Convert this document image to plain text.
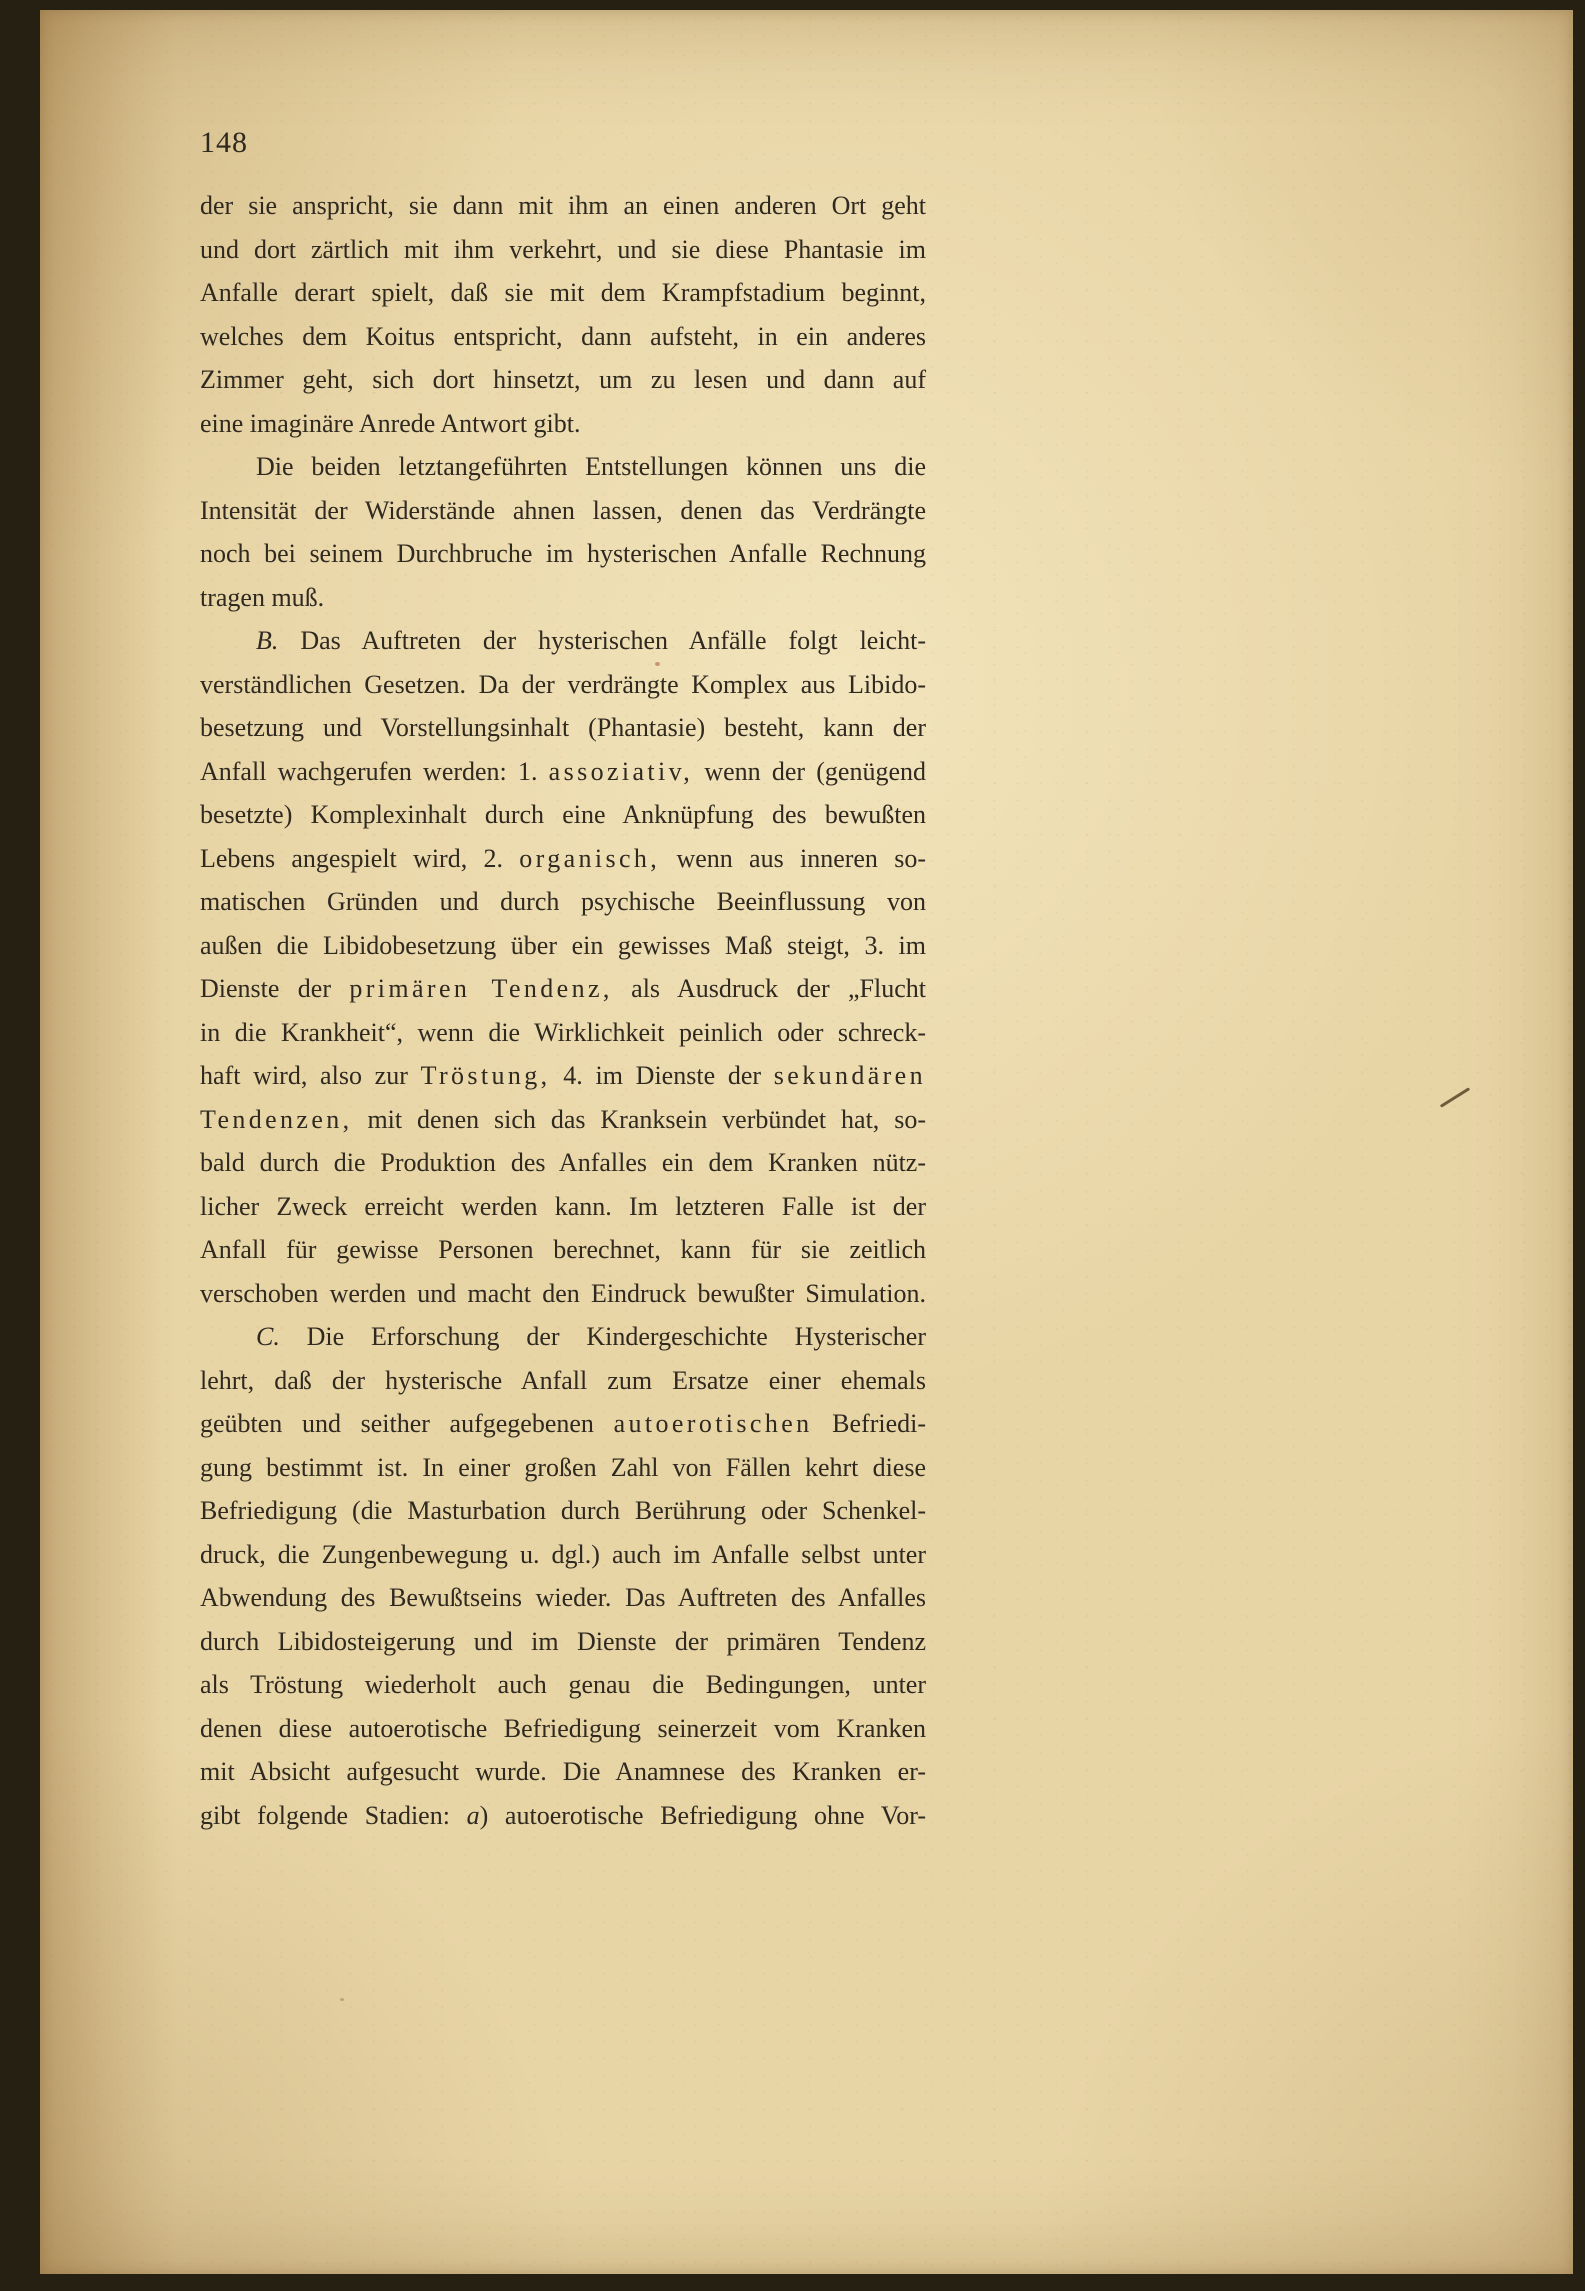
148
der sie anspricht, sie dann mit ihm an einen anderen Ort geht
und dort zärtlich mit ihm verkehrt, und sie diese Phantasie im
Anfalle derart spielt, daß sie mit dem Krampfstadium beginnt,
welches dem Koitus entspricht, dann aufsteht, in ein anderes
Zimmer geht, sich dort hinsetzt, um zu lesen und dann auf
eine imaginäre Anrede Antwort gibt.
Die beiden letztangeführten Entstellungen können uns die
Intensität der Widerstände ahnen lassen, denen das Verdrängte
noch bei seinem Durchbruche im hysterischen Anfalle Rechnung
tragen muß.
B. Das Auftreten der hysterischen Anfälle folgt leicht-
verständlichen Gesetzen. Da der verdrängte Komplex aus Libido-
besetzung und Vorstellungsinhalt (Phantasie) besteht, kann der
Anfall wachgerufen werden: 1. assoziativ, wenn der (genügend
besetzte) Komplexinhalt durch eine Anknüpfung des bewußten
Lebens angespielt wird, 2. organisch, wenn aus inneren so-
matischen Gründen und durch psychische Beeinflussung von
außen die Libidobesetzung über ein gewisses Maß steigt, 3. im
Dienste der primären Tendenz, als Ausdruck der „Flucht
in die Krankheit“, wenn die Wirklichkeit peinlich oder schreck-
haft wird, also zur Tröstung, 4. im Dienste der sekundären
Tendenzen, mit denen sich das Kranksein verbündet hat, so-
bald durch die Produktion des Anfalles ein dem Kranken nütz-
licher Zweck erreicht werden kann. Im letzteren Falle ist der
Anfall für gewisse Personen berechnet, kann für sie zeitlich
verschoben werden und macht den Eindruck bewußter Simulation.
C. Die Erforschung der Kindergeschichte Hysterischer
lehrt, daß der hysterische Anfall zum Ersatze einer ehemals
geübten und seither aufgegebenen autoerotischen Befriedi-
gung bestimmt ist. In einer großen Zahl von Fällen kehrt diese
Befriedigung (die Masturbation durch Berührung oder Schenkel-
druck, die Zungenbewegung u. dgl.) auch im Anfalle selbst unter
Abwendung des Bewußtseins wieder. Das Auftreten des Anfalles
durch Libidosteigerung und im Dienste der primären Tendenz
als Tröstung wiederholt auch genau die Bedingungen, unter
denen diese autoerotische Befriedigung seinerzeit vom Kranken
mit Absicht aufgesucht wurde. Die Anamnese des Kranken er-
gibt folgende Stadien: a) autoerotische Befriedigung ohne Vor-
